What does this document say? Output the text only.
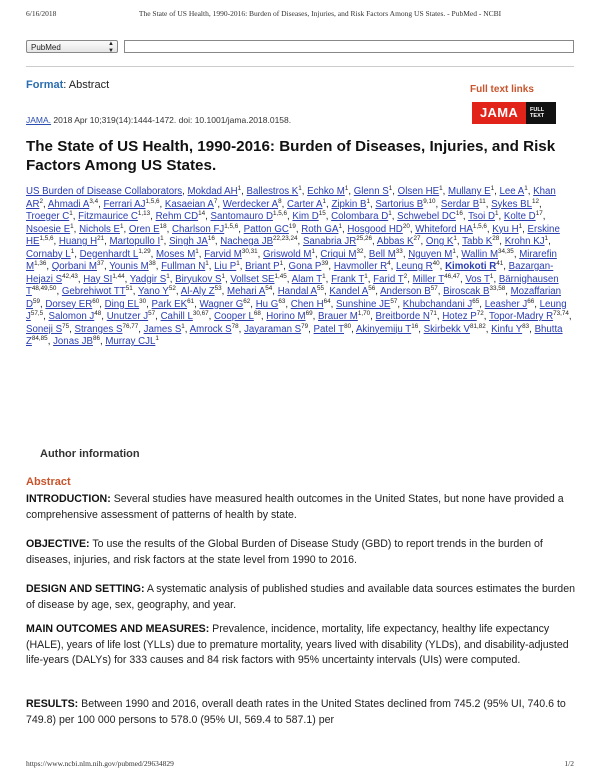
6/16/2018	The State of US Health, 1990-2016: Burden of Diseases, Injuries, and Risk Factors Among US States. - PubMed - NCBI
PubMed	▲
▼
Format: Abstract	Full text links
JAMA	FULL
TEXT
JAMA. 2018 Apr 10;319(14):1444-1472. doi: 10.1001/jama.2018.0158.
The State of US Health, 1990-2016: Burden of Diseases, Injuries, and Risk Factors Among US States.
US Burden of Disease Collaborators, Mokdad $AH^1$, Ballestros $K^1$, Echko $M^1$, Glenn $S^1$, Olsen $HE^1$, Mullany $E^1$, Lee $A^1$, Khan $AR^2$, Ahmadi A$^{3,4}$, Ferrari AJ$^{1,5,6}$, Kasaeian $A^7$, Werdecker $A^8$, Carter $A^1$, Zipkin $B^1$, Sartorius B$^{9,10}$, Serdar $B^{11}$, Sykes BL$^{12}$, Troeger $C^1$, Fitzmaurice C$^{1,13}$, Rehm CD$^{14}$, Santomauro D$^{1,5,6}$, Kim $D^{15}$, Colombara $D^1$, Schwebel DC$^{16}$, Tsoi $D^1$, Kolte $D^{17}$, Nsoesie $E^1$, Nichols $E^1$, Oren $E^{18}$, Charlson FJ$^{1,5,6}$, Patton GC$^{19}$, Roth $GA^1$, Hosgood HD$^{20}$, Whiteford HA$^{1,5,6}$, Kyu $H^1$, Erskine HE$^{1,5,6}$, Huang $H^{21}$, Martopullo $I^1$, Singh JA$^{16}$, Nachega JB$^{22,23,24}$, Sanabria JR$^{25,26}$, Abbas $K^{27}$, Ong $K^1$, Tabb $K^{28}$, Krohn $KJ^1$, Cornaby $L^1$, Degenhardt L$^{1,29}$, Moses $M^1$, Farvid M$^{30,31}$, Griswold $M^1$, Criqui $M^{32}$, Bell $M^{33}$, Nguyen $M^1$, Wallin M$^{34,35}$, Mirarefin M$^{1,36}$, Qorbani $M^{37}$, Younis $M^{38}$, Fullman $N^1$, Liu $P^1$, Briant $P^1$, Gona $P^{39}$, Havmoller $R^4$, Leung $R^{40}$, Kimokoti $R^{41}$, Bazargan-Hejazi S$^{42,43}$, Hay SI$^{1,44}$, Yadgir $S^1$, Biryukov $S^1$, Vollset SE$^{1,45}$, Alam $T^1$, Frank $T^1$, Farid $T^2$, Miller T$^{46,47}$, Vos $T^1$, Bärnighausen T$^{48,49,50}$, Gebrehiwot TT$^{51}$, Yano $Y^{52}$, Al-Aly $Z^{53}$, Mehari $A^{54}$, Handal $A^{55}$, Kandel $A^{56}$, Anderson $B^{57}$, Biroscak B$^{33,58}$, Mozaffarian $D^{59}$, Dorsey ER$^{60}$, Ding EL$^{30}$, Park EK$^{61}$, Wagner $G^{62}$, Hu $G^{63}$, Chen $H^{64}$, Sunshine JE$^{57}$, Khubchandani $J^{65}$, Leasher $J^{66}$, Leung J$^{57,5}$, Salomon $J^{48}$, Unutzer $J^{57}$, Cahill L$^{30,67}$, Cooper $L^{68}$, Horino $M^{69}$, Brauer M$^{1,70}$, Breitborde $N^{71}$, Hotez $P^{72}$, Topor-Madry R$^{73,74}$, Soneji $S^{75}$, Stranges S$^{76,77}$, James $S^1$, Amrock $S^{78}$, Jayaraman $S^{79}$, Patel $T^{80}$, Akinyemiju $T^{16}$, Skirbekk V$^{81,82}$, Kinfu $Y^{83}$, Bhutta Z$^{84,85}$, Jonas JB$^{86}$, Murray CJL$^1$
Author information
Abstract

INTRODUCTION: Several studies have measured health outcomes in the United States, but none have provided a comprehensive assessment of patterns of health by state.

OBJECTIVE: To use the results of the Global Burden of Disease Study (GBD) to report trends in the burden of diseases, injuries, and risk factors at the state level from 1990 to 2016.

DESIGN AND SETTING: A systematic analysis of published studies and available data sources estimates the burden of disease by age, sex, geography, and year.

MAIN OUTCOMES AND MEASURES: Prevalence, incidence, mortality, life expectancy, healthy life expectancy (HALE), years of life lost (YLLs) due to premature mortality, years lived with disability (YLDs), and disability-adjusted life-years (DALYs) for 333 causes and 84 risk factors with 95% uncertainty intervals (UIs) were computed.

RESULTS: Between 1990 and 2016, overall death rates in the United States declined from 745.2 (95% UI, 740.6 to 749.8) per 100 000 persons to 578.0 (95% UI, 569.4 to 587.1) per

https://www.ncbi.nlm.nih.gov/pubmed/29634829	1/2
